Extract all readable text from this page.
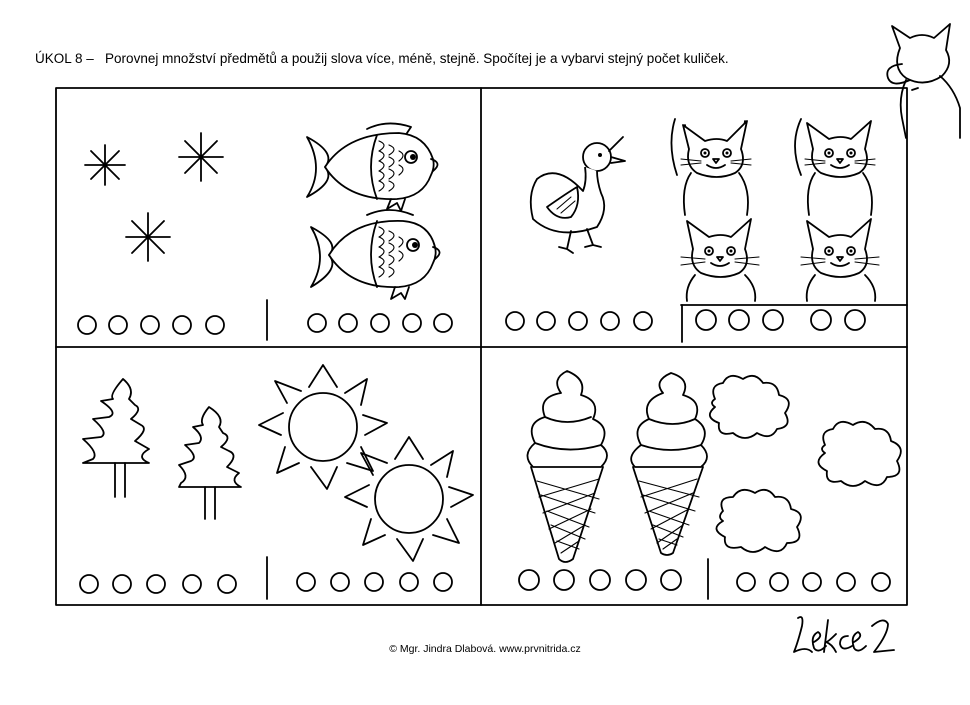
ÚKOL 8 – Porovnej množství předmětů a použij slova více, méně, stejně. Spočítej je a vybarvi stejný počet kuliček.
© Mgr. Jindra Dlabová. www.prvnitrida.cz
